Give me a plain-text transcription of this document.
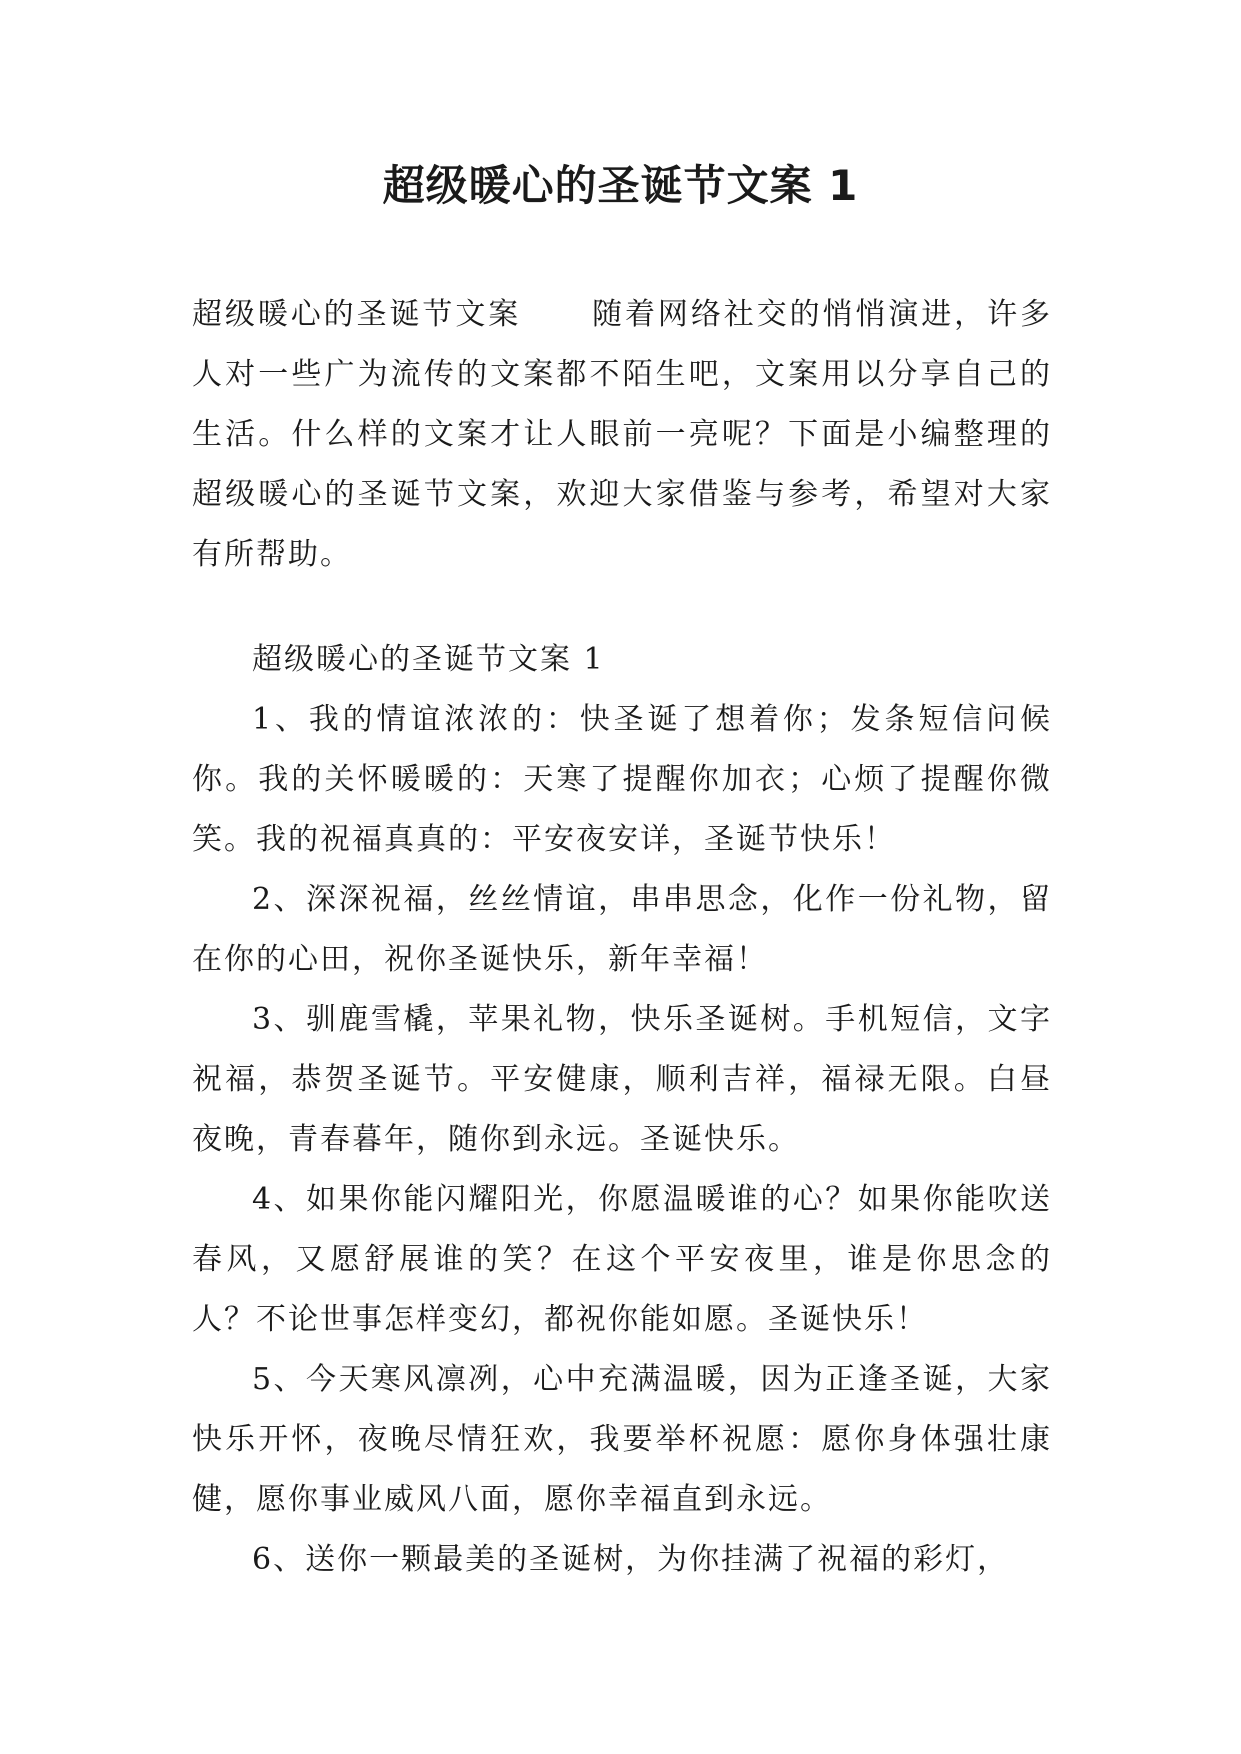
超级暖心的圣诞节文案 1
超级暖心的圣诞节文案 随着网络社交的悄悄演进，许多人对一些广为流传的文案都不陌生吧，文案用以分享自己的生活。什么样的文案才让人眼前一亮呢？下面是小编整理的超级暖心的圣诞节文案，欢迎大家借鉴与参考，希望对大家有所帮助。

超级暖心的圣诞节文案 1

1、我的情谊浓浓的：快圣诞了想着你；发条短信问候你。我的关怀暖暖的：天寒了提醒你加衣；心烦了提醒你微笑。我的祝福真真的：平安夜安详，圣诞节快乐！

2、深深祝福，丝丝情谊，串串思念，化作一份礼物，留在你的心田，祝你圣诞快乐，新年幸福！

3、驯鹿雪橇，苹果礼物，快乐圣诞树。手机短信，文字祝福，恭贺圣诞节。平安健康，顺利吉祥，福禄无限。白昼夜晚，青春暮年，随你到永远。圣诞快乐。

4、如果你能闪耀阳光，你愿温暖谁的心？如果你能吹送春风，又愿舒展谁的笑？在这个平安夜里，谁是你思念的人？不论世事怎样变幻，都祝你能如愿。圣诞快乐！

5、今天寒风凛冽，心中充满温暖，因为正逢圣诞，大家快乐开怀，夜晚尽情狂欢，我要举杯祝愿：愿你身体强壮康健，愿你事业威风八面，愿你幸福直到永远。

6、送你一颗最美的圣诞树，为你挂满了祝福的彩灯，
